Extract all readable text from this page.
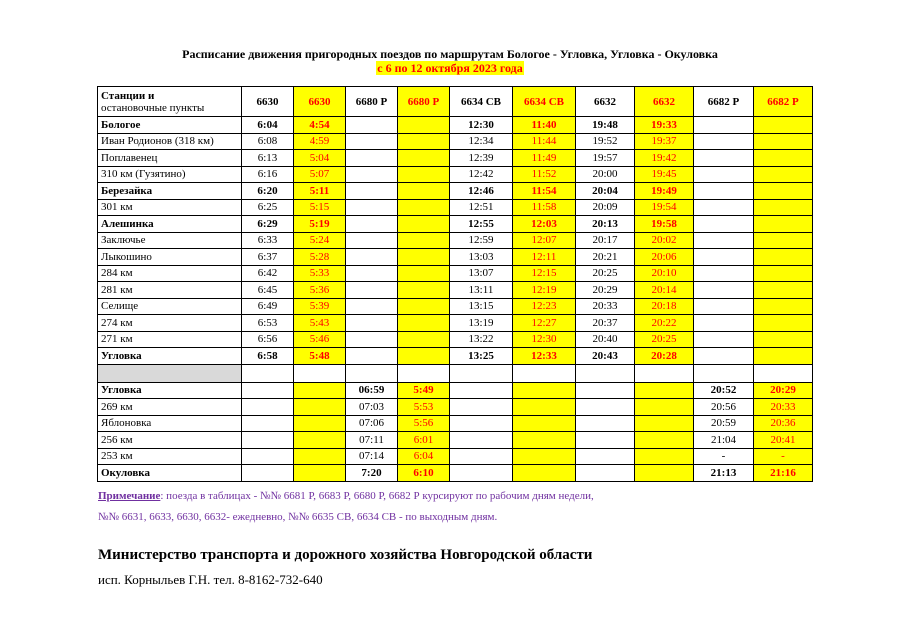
Расписание движения пригородных поездов по маршрутам Бологое - Угловка, Угловка - Окуловка
с 6 по 12 октября 2023 года
Станции и
остановочные пункты	6630	6630	6680 Р	6680 Р	6634 СВ	6634 СВ	6632	6632	6682 Р	6682 Р
Бологое	6:04	4:54			12:30	11:40	19:48	19:33		
Иван Родионов (318 км)	6:08	4:59			12:34	11:44	19:52	19:37		
Поплавенец	6:13	5:04			12:39	11:49	19:57	19:42		
310 км (Гузятино)	6:16	5:07			12:42	11:52	20:00	19:45		
Березайка	6:20	5:11			12:46	11:54	20:04	19:49		
301 км	6:25	5:15			12:51	11:58	20:09	19:54		
Алешинка	6:29	5:19			12:55	12:03	20:13	19:58		
Заключье	6:33	5:24			12:59	12:07	20:17	20:02		
Лыкошино	6:37	5:28			13:03	12:11	20:21	20:06		
284 км	6:42	5:33			13:07	12:15	20:25	20:10		
281 км	6:45	5:36			13:11	12:19	20:29	20:14		
Селище	6:49	5:39			13:15	12:23	20:33	20:18		
274 км	6:53	5:43			13:19	12:27	20:37	20:22		
271 км	6:56	5:46			13:22	12:30	20:40	20:25		
Угловка	6:58	5:48			13:25	12:33	20:43	20:28		

Угловка			06:59	5:49					20:52	20:29
269 км			07:03	5:53					20:56	20:33
Яблоновка			07:06	5:56					20:59	20:36
256 км			07:11	6:01					21:04	20:41
253 км			07:14	6:04					-	-
Окуловка			7:20	6:10					21:13	21:16
Примечание: поезда в таблицах - №№ 6681 Р, 6683 Р, 6680 Р, 6682 Р курсируют по рабочим дням недели,
№№ 6631, 6633, 6630, 6632- ежедневно, №№ 6635 СВ, 6634 СВ - по выходным дням.
Министерство транспорта и дорожного хозяйства Новгородской области
исп. Корныльев Г.Н. тел. 8-8162-732-640
